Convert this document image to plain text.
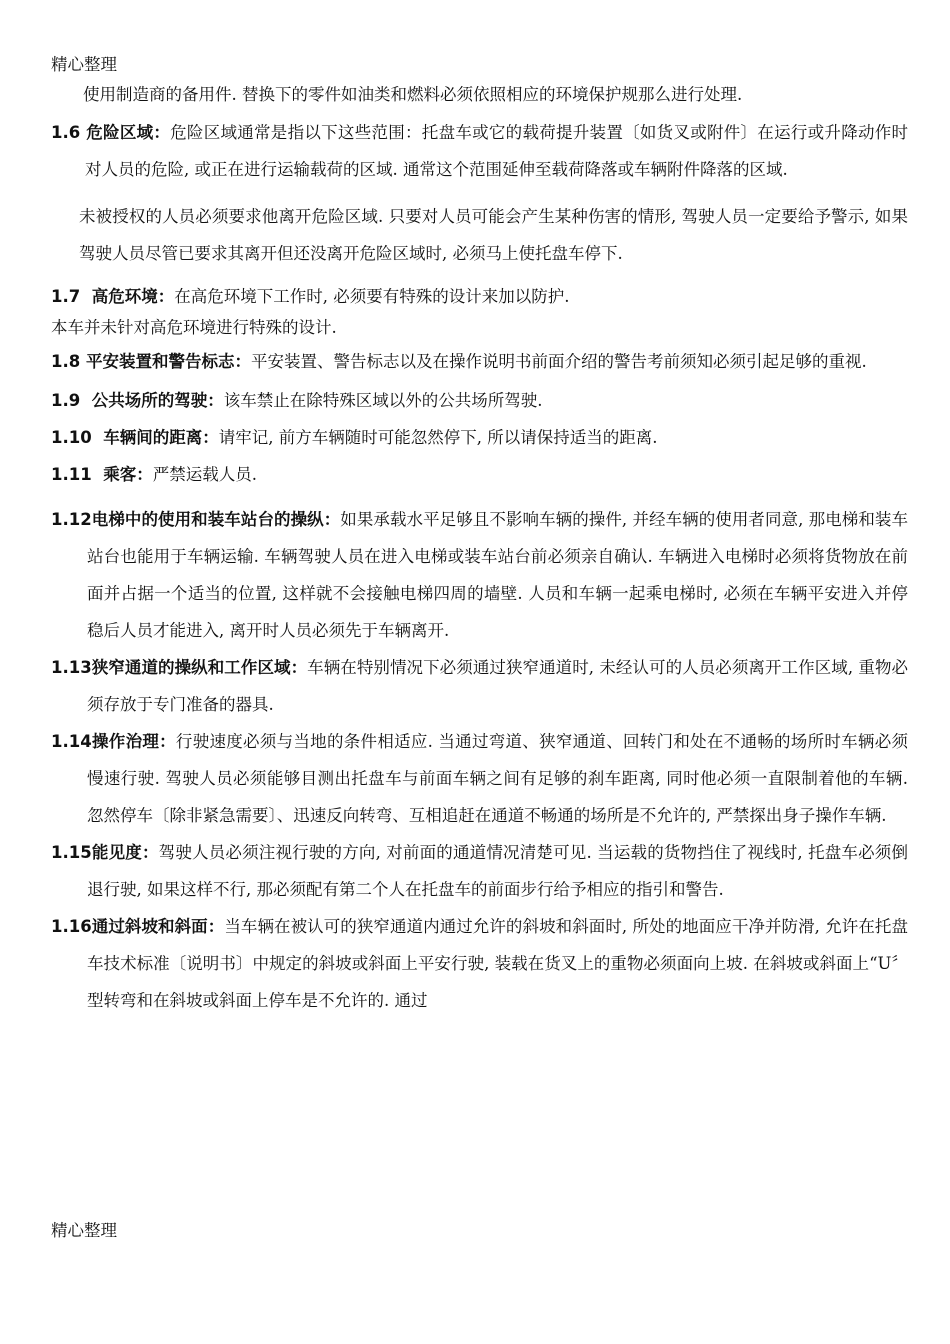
精心整理

使用制造商的备用件. 替换下的零件如油类和燃料必须依照相应的环境保护规那么进行处理.

1.6 危险区域：危险区域通常是指以下这些范围：托盘车或它的载荷提升装置〔如货叉或附件〕在运行或升降动作时对人员的危险, 或正在进行运输载荷的区域. 通常这个范围延伸至载荷降落或车辆附件降落的区域.

未被授权的人员必须要求他离开危险区域. 只要对人员可能会产生某种伤害的情形, 驾驶人员一定要给予警示, 如果驾驶人员尽管已要求其离开但还没离开危险区域时, 必须马上使托盘车停下.

1.7 高危环境：在高危环境下工作时, 必须要有特殊的设计来加以防护.

本车并未针对高危环境进行特殊的设计.

1.8 平安装置和警告标志：平安装置、警告标志以及在操作说明书前面介绍的警告考前须知必须引起足够的重视.

1.9 公共场所的驾驶：该车禁止在除特殊区域以外的公共场所驾驶.

1.10 车辆间的距离：请牢记, 前方车辆随时可能忽然停下, 所以请保持适当的距离.

1.11 乘客：严禁运载人员.

1.12电梯中的使用和装车站台的操纵：如果承载水平足够且不影响车辆的操件, 并经车辆的使用者同意, 那电梯和装车站台也能用于车辆运输. 车辆驾驶人员在进入电梯或装车站台前必须亲自确认. 车辆进入电梯时必须将货物放在前面并占据一个适当的位置, 这样就不会接触电梯四周的墙壁. 人员和车辆一起乘电梯时, 必须在车辆平安进入并停稳后人员才能进入, 离开时人员必须先于车辆离开.

1.13狭窄通道的操纵和工作区域：车辆在特别情况下必须通过狭窄通道时, 未经认可的人员必须离开工作区域, 重物必须存放于专门准备的器具.

1.14操作治理：行驶速度必须与当地的条件相适应. 当通过弯道、狭窄通道、回转门和处在不通畅的场所时车辆必须慢速行驶. 驾驶人员必须能够目测出托盘车与前面车辆之间有足够的刹车距离, 同时他必须一直限制着他的车辆. 忽然停车〔除非紧急需要〕、迅速反向转弯、互相追赶在通道不畅通的场所是不允许的, 严禁探出身子操作车辆.

1.15能见度：驾驶人员必须注视行驶的方向, 对前面的通道情况清楚可见. 当运载的货物挡住了视线时, 托盘车必须倒退行驶, 如果这样不行, 那必须配有第二个人在托盘车的前面步行给予相应的指引和警告.

1.16通过斜坡和斜面：当车辆在被认可的狭窄通道内通过允许的斜坡和斜面时, 所处的地面应干净并防滑, 允许在托盘车技术标准〔说明书〕中规定的斜坡或斜面上平安行驶, 装载在货叉上的重物必须面向上坡. 在斜坡或斜面上“U〞型转弯和在斜坡或斜面上停车是不允许的. 通过

精心整理
